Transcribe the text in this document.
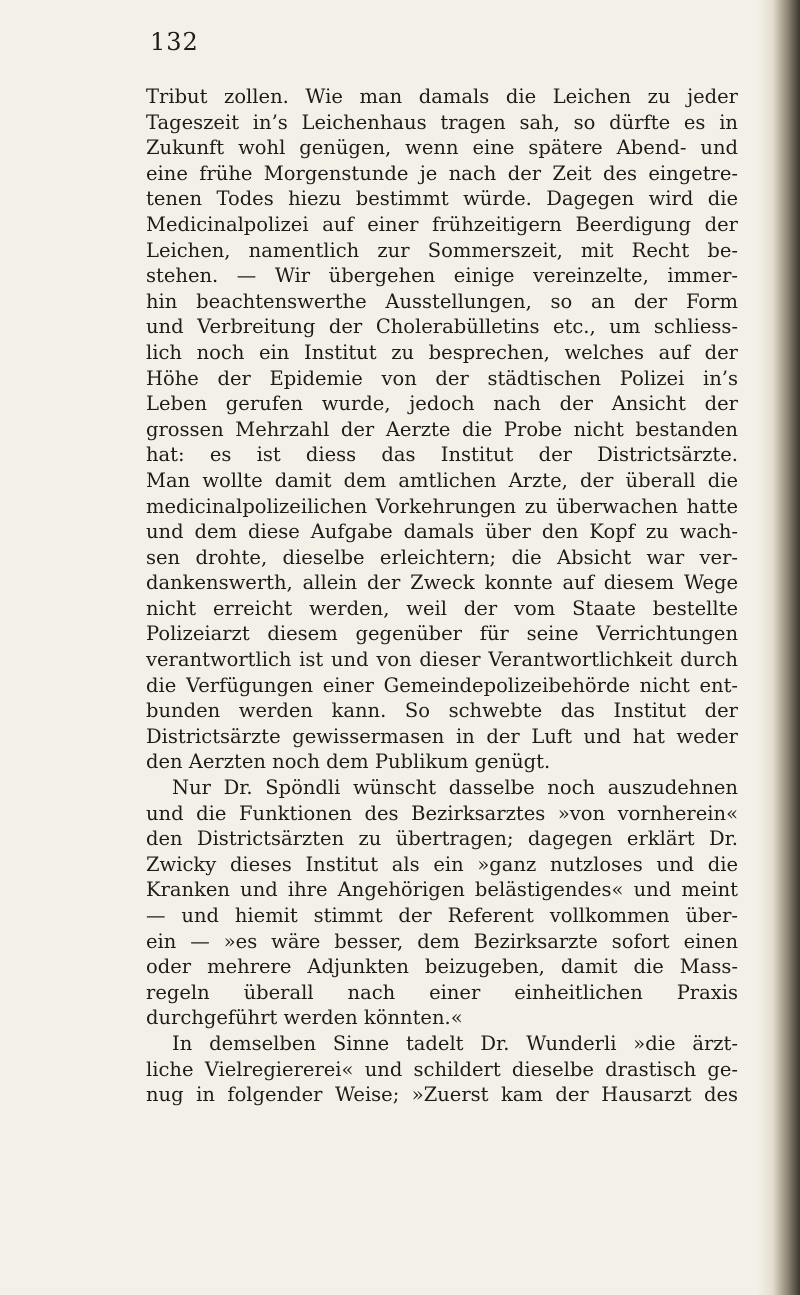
132
Tribut zollen. Wie man damals die Leichen zu jeder
Tageszeit in’s Leichenhaus tragen sah, so dürfte es in
Zukunft wohl genügen, wenn eine spätere Abend- und
eine frühe Morgenstunde je nach der Zeit des eingetre-
tenen Todes hiezu bestimmt würde. Dagegen wird die
Medicinalpolizei auf einer frühzeitigern Beerdigung der
Leichen, namentlich zur Sommerszeit, mit Recht be-
stehen. — Wir übergehen einige vereinzelte, immer-
hin beachtenswerthe Ausstellungen, so an der Form
und Verbreitung der Cholerabülletins etc., um schliess-
lich noch ein Institut zu besprechen, welches auf der
Höhe der Epidemie von der städtischen Polizei in’s
Leben gerufen wurde, jedoch nach der Ansicht der
grossen Mehrzahl der Aerzte die Probe nicht bestanden
hat: es ist diess das Institut der Districtsärzte.
Man wollte damit dem amtlichen Arzte, der überall die
medicinalpolizeilichen Vorkehrungen zu überwachen hatte
und dem diese Aufgabe damals über den Kopf zu wach-
sen drohte, dieselbe erleichtern; die Absicht war ver-
dankenswerth, allein der Zweck konnte auf diesem Wege
nicht erreicht werden, weil der vom Staate bestellte
Polizeiarzt diesem gegenüber für seine Verrichtungen
verantwortlich ist und von dieser Verantwortlichkeit durch
die Verfügungen einer Gemeindepolizeibehörde nicht ent-
bunden werden kann. So schwebte das Institut der
Districtsärzte gewissermasen in der Luft und hat weder
den Aerzten noch dem Publikum genügt.
Nur Dr. Spöndli wünscht dasselbe noch auszudehnen
und die Funktionen des Bezirksarztes »von vornherein«
den Districtsärzten zu übertragen; dagegen erklärt Dr.
Zwicky dieses Institut als ein »ganz nutzloses und die
Kranken und ihre Angehörigen belästigendes« und meint
— und hiemit stimmt der Referent vollkommen über-
ein — »es wäre besser, dem Bezirksarzte sofort einen
oder mehrere Adjunkten beizugeben, damit die Mass-
regeln überall nach einer einheitlichen Praxis
durchgeführt werden könnten.«
In demselben Sinne tadelt Dr. Wunderli »die ärzt-
liche Vielregiererei« und schildert dieselbe drastisch ge-
nug in folgender Weise; »Zuerst kam der Hausarzt des
